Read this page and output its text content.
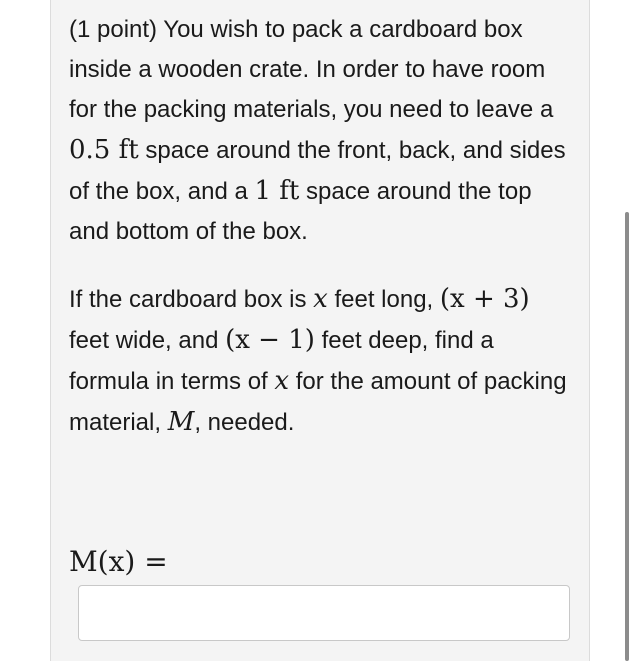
(1 point) You wish to pack a cardboard box inside a wooden crate. In order to have room for the packing materials, you need to leave a 0.5 ft space around the front, back, and sides of the box, and a 1 ft space around the top and bottom of the box.

If the cardboard box is x feet long, (x + 3) feet wide, and (x − 1) feet deep, find a formula in terms of x for the amount of packing material, M, needed.

M(x) =
